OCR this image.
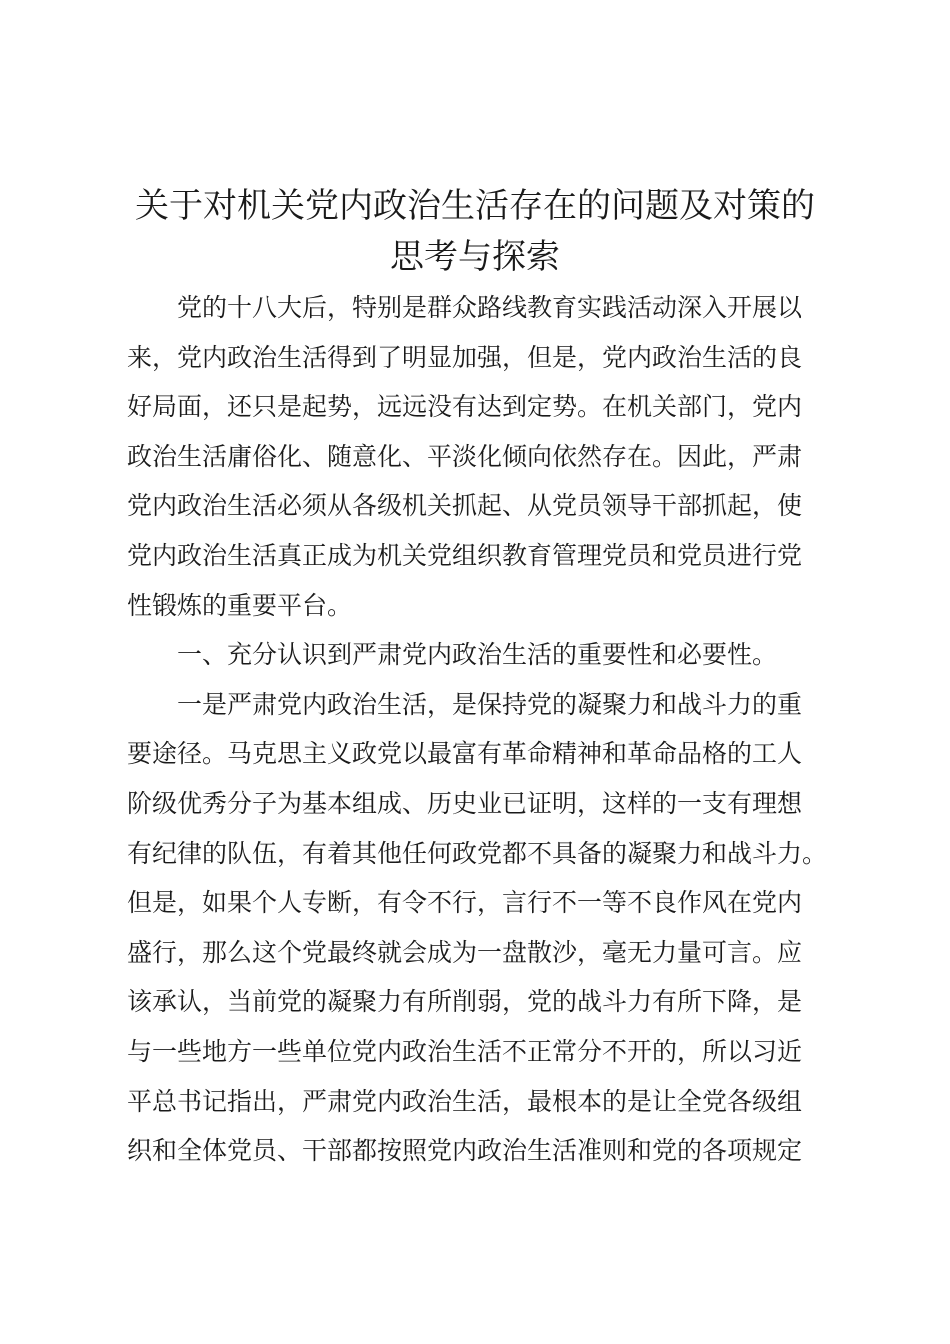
关于对机关党内政治生活存在的问题及对策的
思考与探索

党的十八大后，特别是群众路线教育实践活动深入开展以
来，党内政治生活得到了明显加强，但是，党内政治生活的良
好局面，还只是起势，远远没有达到定势。在机关部门，党内
政治生活庸俗化、随意化、平淡化倾向依然存在。因此，严肃
党内政治生活必须从各级机关抓起、从党员领导干部抓起，使
党内政治生活真正成为机关党组织教育管理党员和党员进行党
性锻炼的重要平台。

一、充分认识到严肃党内政治生活的重要性和必要性。

一是严肃党内政治生活，是保持党的凝聚力和战斗力的重
要途径。马克思主义政党以最富有革命精神和革命品格的工人
阶级优秀分子为基本组成、历史业已证明，这样的一支有理想
有纪律的队伍，有着其他任何政党都不具备的凝聚力和战斗力。
但是，如果个人专断，有令不行，言行不一等不良作风在党内
盛行，那么这个党最终就会成为一盘散沙，毫无力量可言。应
该承认，当前党的凝聚力有所削弱，党的战斗力有所下降，是
与一些地方一些单位党内政治生活不正常分不开的，所以习近
平总书记指出，严肃党内政治生活，最根本的是让全党各级组
织和全体党员、干部都按照党内政治生活准则和党的各项规定
